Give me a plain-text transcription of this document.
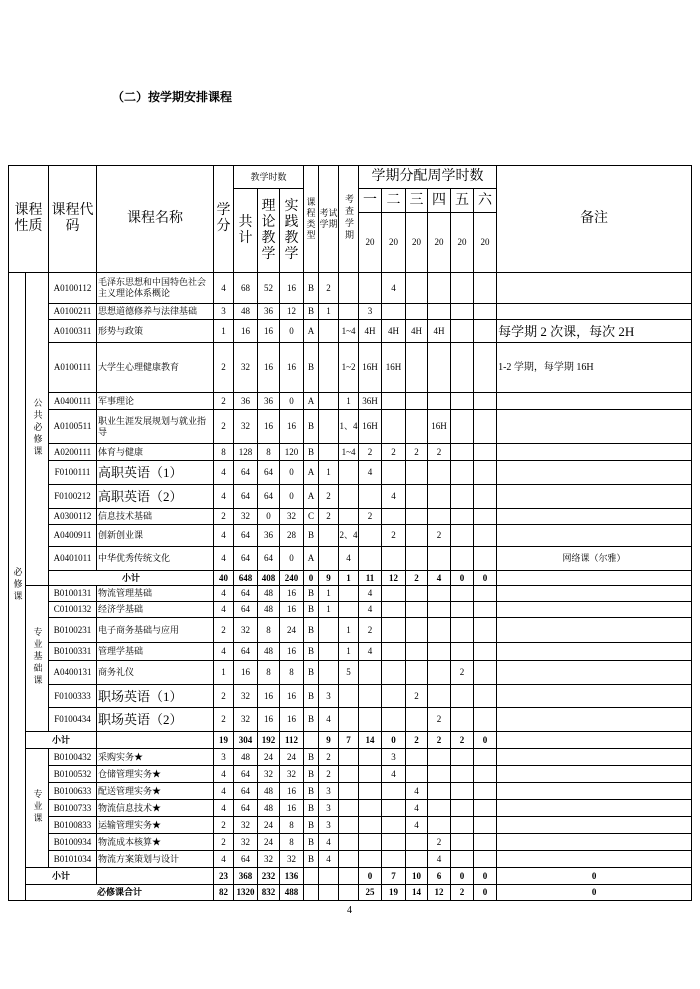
（二）按学期安排课程
课程性质		课程代码	课程名称	学分	教学时数			课程类型	考试学期	考查学期	学期分配周学时数						备注
					共计	理论教学	实践教学				一	二	三	四	五	六	
											20	20	20	20	20	20	
必修课	公共必修课	A0100112	毛泽东思想和中国特色社会主义理论体系概论	4	68	52	16	B	2			4					
		A0100211	思想道德修养与法律基础	3	48	36	12	B	1		3						
		A0100311	形势与政策	1	16	16	0	A		1~4	4H	4H	4H	4H			每学期 2 次课，每次 2H
		A0100111	大学生心理健康教育	2	32	16	16	B		1~2	16H	16H					1-2 学期，每学期 16H
		A0400111	军事理论	2	36	36	0	A		1	36H						
		A0100511	职业生涯发展规划与就业指导	2	32	16	16	B		1、4	16H			16H			
		A0200111	体育与健康	8	128	8	120	B		1~4	2	2	2	2			
		F0100111	高职英语（1）	4	64	64	0	A	1		4						
		F0100212	高职英语（2）	4	64	64	0	A	2			4					
		A0300112	信息技术基础	2	32	0	32	C	2		2						
		A0400911	创新创业课	4	64	36	28	B		2、4		2		2			
		A0401011	中华优秀传统文化	4	64	64	0	A		4							网络课（尔雅）
		小计		40	648	408	240	0	9	1	11	12	2	4	0	0	
	专业基础课	B0100131	物流管理基础	4	64	48	16	B	1		4						
		C0100132	经济学基础	4	64	48	16	B	1		4						
		B0100231	电子商务基础与应用	2	32	8	24	B		1	2						
		B0100331	管理学基础	4	64	48	16	B		1	4						
		A0400131	商务礼仪	1	16	8	8	B		5					2		
		F0100333	职场英语（1）	2	32	16	16	B	3				2				
		F0100434	职场英语（2）	2	32	16	16	B	4					2			
	小计			19	304	192	112		9	7	14	0	2	2	2	0	
	专业课	B0100432	采购实务★	3	48	24	24	B	2			3					
		B0100532	仓储管理实务★	4	64	32	32	B	2			4					
		B0100633	配送管理实务★	4	64	48	16	B	3				4				
		B0100733	物流信息技术★	4	64	48	16	B	3				4				
		B0100833	运输管理实务★	2	32	24	8	B	3				4				
		B0100934	物流成本核算★	2	32	24	8	B	4					2			
		B0101034	物流方案策划与设计	4	64	32	32	B	4					4			
	小计			23	368	232	136				0	7	10	6	0	0	0
	必修课合计			82	1320	832	488				25	19	14	12	2	0	0
4
